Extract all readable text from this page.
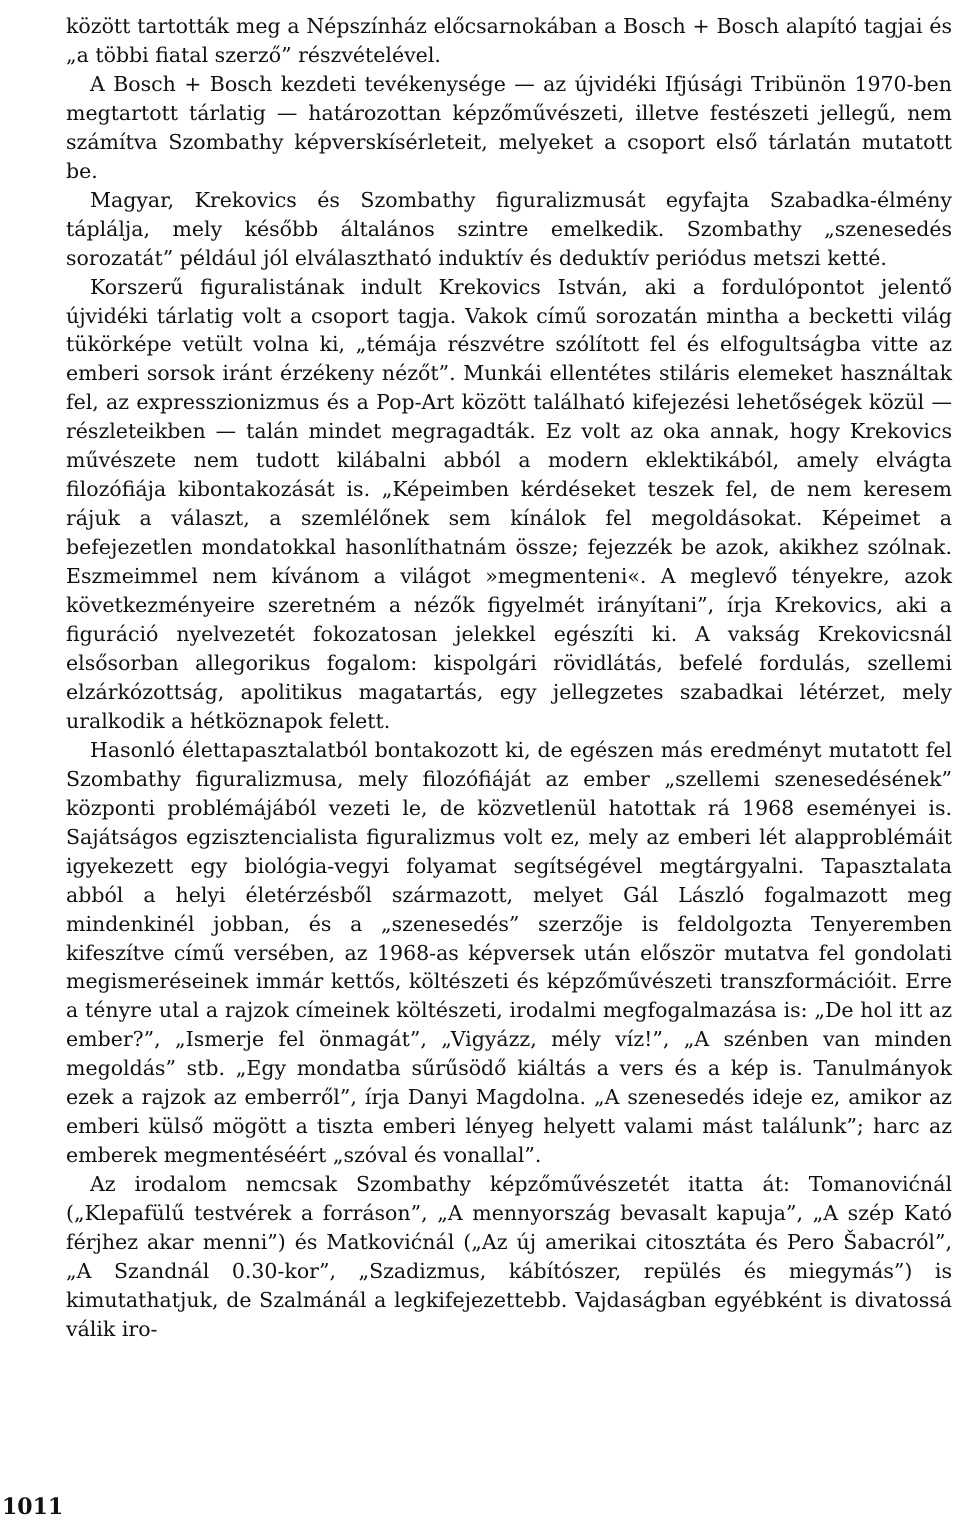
között tartották meg a Népszínház előcsarnokában a Bosch + Bosch alapító tagjai és „a többi fiatal szerző” részvételével.

A Bosch + Bosch kezdeti tevékenysége — az újvidéki Ifjúsági Tribünön 1970-ben megtartott tárlatig — határozottan képzőművészeti, illetve festészeti jellegű, nem számítva Szombathy képverskísérleteit, melyeket a csoport első tárlatán mutatott be.

Magyar, Krekovics és Szombathy figuralizmusát egyfajta Szabadka-élmény táplálja, mely később általános szintre emelkedik. Szombathy „szenesedés sorozatát” például jól elválasztható induktív és deduktív periódus metszi ketté.

Korszerű figuralistának indult Krekovics István, aki a fordulópontot jelentő újvidéki tárlatig volt a csoport tagja. Vakok című sorozatán mintha a becketti világ tükörképe vetült volna ki, „témája részvétre szólított fel és elfogultságba vitte az emberi sorsok iránt érzékeny nézőt”. Munkái ellentétes stiláris elemeket használtak fel, az expresszionizmus és a Pop-Art között található kifejezési lehetőségek közül — részleteikben — talán mindet megragadták. Ez volt az oka annak, hogy Krekovics művészete nem tudott kilábalni abból a modern eklektikából, amely elvágta filozófiája kibontakozását is. „Képeimben kérdéseket teszek fel, de nem keresem rájuk a választ, a szemlélőnek sem kínálok fel megoldásokat. Képeimet a befejezetlen mondatokkal hasonlíthatnám össze; fejezzék be azok, akikhez szólnak. Eszmeimmel nem kívánom a világot »megmenteni«. A meglevő tényekre, azok következményeire szeretném a nézők figyelmét irányítani”, írja Krekovics, aki a figuráció nyelvezetét fokozatosan jelekkel egészíti ki. A vakság Krekovicsnál elsősorban allegorikus fogalom: kispolgári rövidlátás, befelé fordulás, szellemi elzárkózottság, apolitikus magatartás, egy jellegzetes szabadkai létérzet, mely uralkodik a hétköznapok felett.

Hasonló élettapasztalatból bontakozott ki, de egészen más eredményt mutatott fel Szombathy figuralizmusa, mely filozófiáját az ember „szellemi szenesedésének” központi problémájából vezeti le, de közvetlenül hatottak rá 1968 eseményei is. Sajátságos egzisztencialista figuralizmus volt ez, mely az emberi lét alapproblémáit igyekezett egy biológia-vegyi folyamat segítségével megtárgyalni. Tapasztalata abból a helyi életérzésből származott, melyet Gál László fogalmazott meg mindenkinél jobban, és a „szenesedés” szerzője is feldolgozta Tenyeremben kifeszítve című versében, az 1968-as képversek után először mutatva fel gondolati megismeréseinek immár kettős, költészeti és képzőművészeti transzformációit. Erre a tényre utal a rajzok címeinek költészeti, irodalmi megfogalmazása is: „De hol itt az ember?”, „Ismerje fel önmagát”, „Vigyázz, mély víz!”, „A szénben van minden megoldás” stb. „Egy mondatba sűrűsödő kiáltás a vers és a kép is. Tanulmányok ezek a rajzok az emberről”, írja Danyi Magdolna. „A szenesedés ideje ez, amikor az emberi külső mögött a tiszta emberi lényeg helyett valami mást találunk”; harc az emberek megmentéséért „szóval és vonallal”.

Az irodalom nemcsak Szombathy képzőművészetét itatta át: Tomanovićnál („Klepafülű testvérek a forráson”, „A mennyország bevasalt kapuja”, „A szép Kató férjhez akar menni”) és Matkovićnál („Az új amerikai citosztáta és Pero Šabacról”, „A Szandnál 0.30-kor”, „Szadizmus, kábítószer, repülés és miegymás”) is kimutathatjuk, de Szalmánál a legkifejezettebb. Vajdaságban egyébként is divatossá válik iro-

1011
